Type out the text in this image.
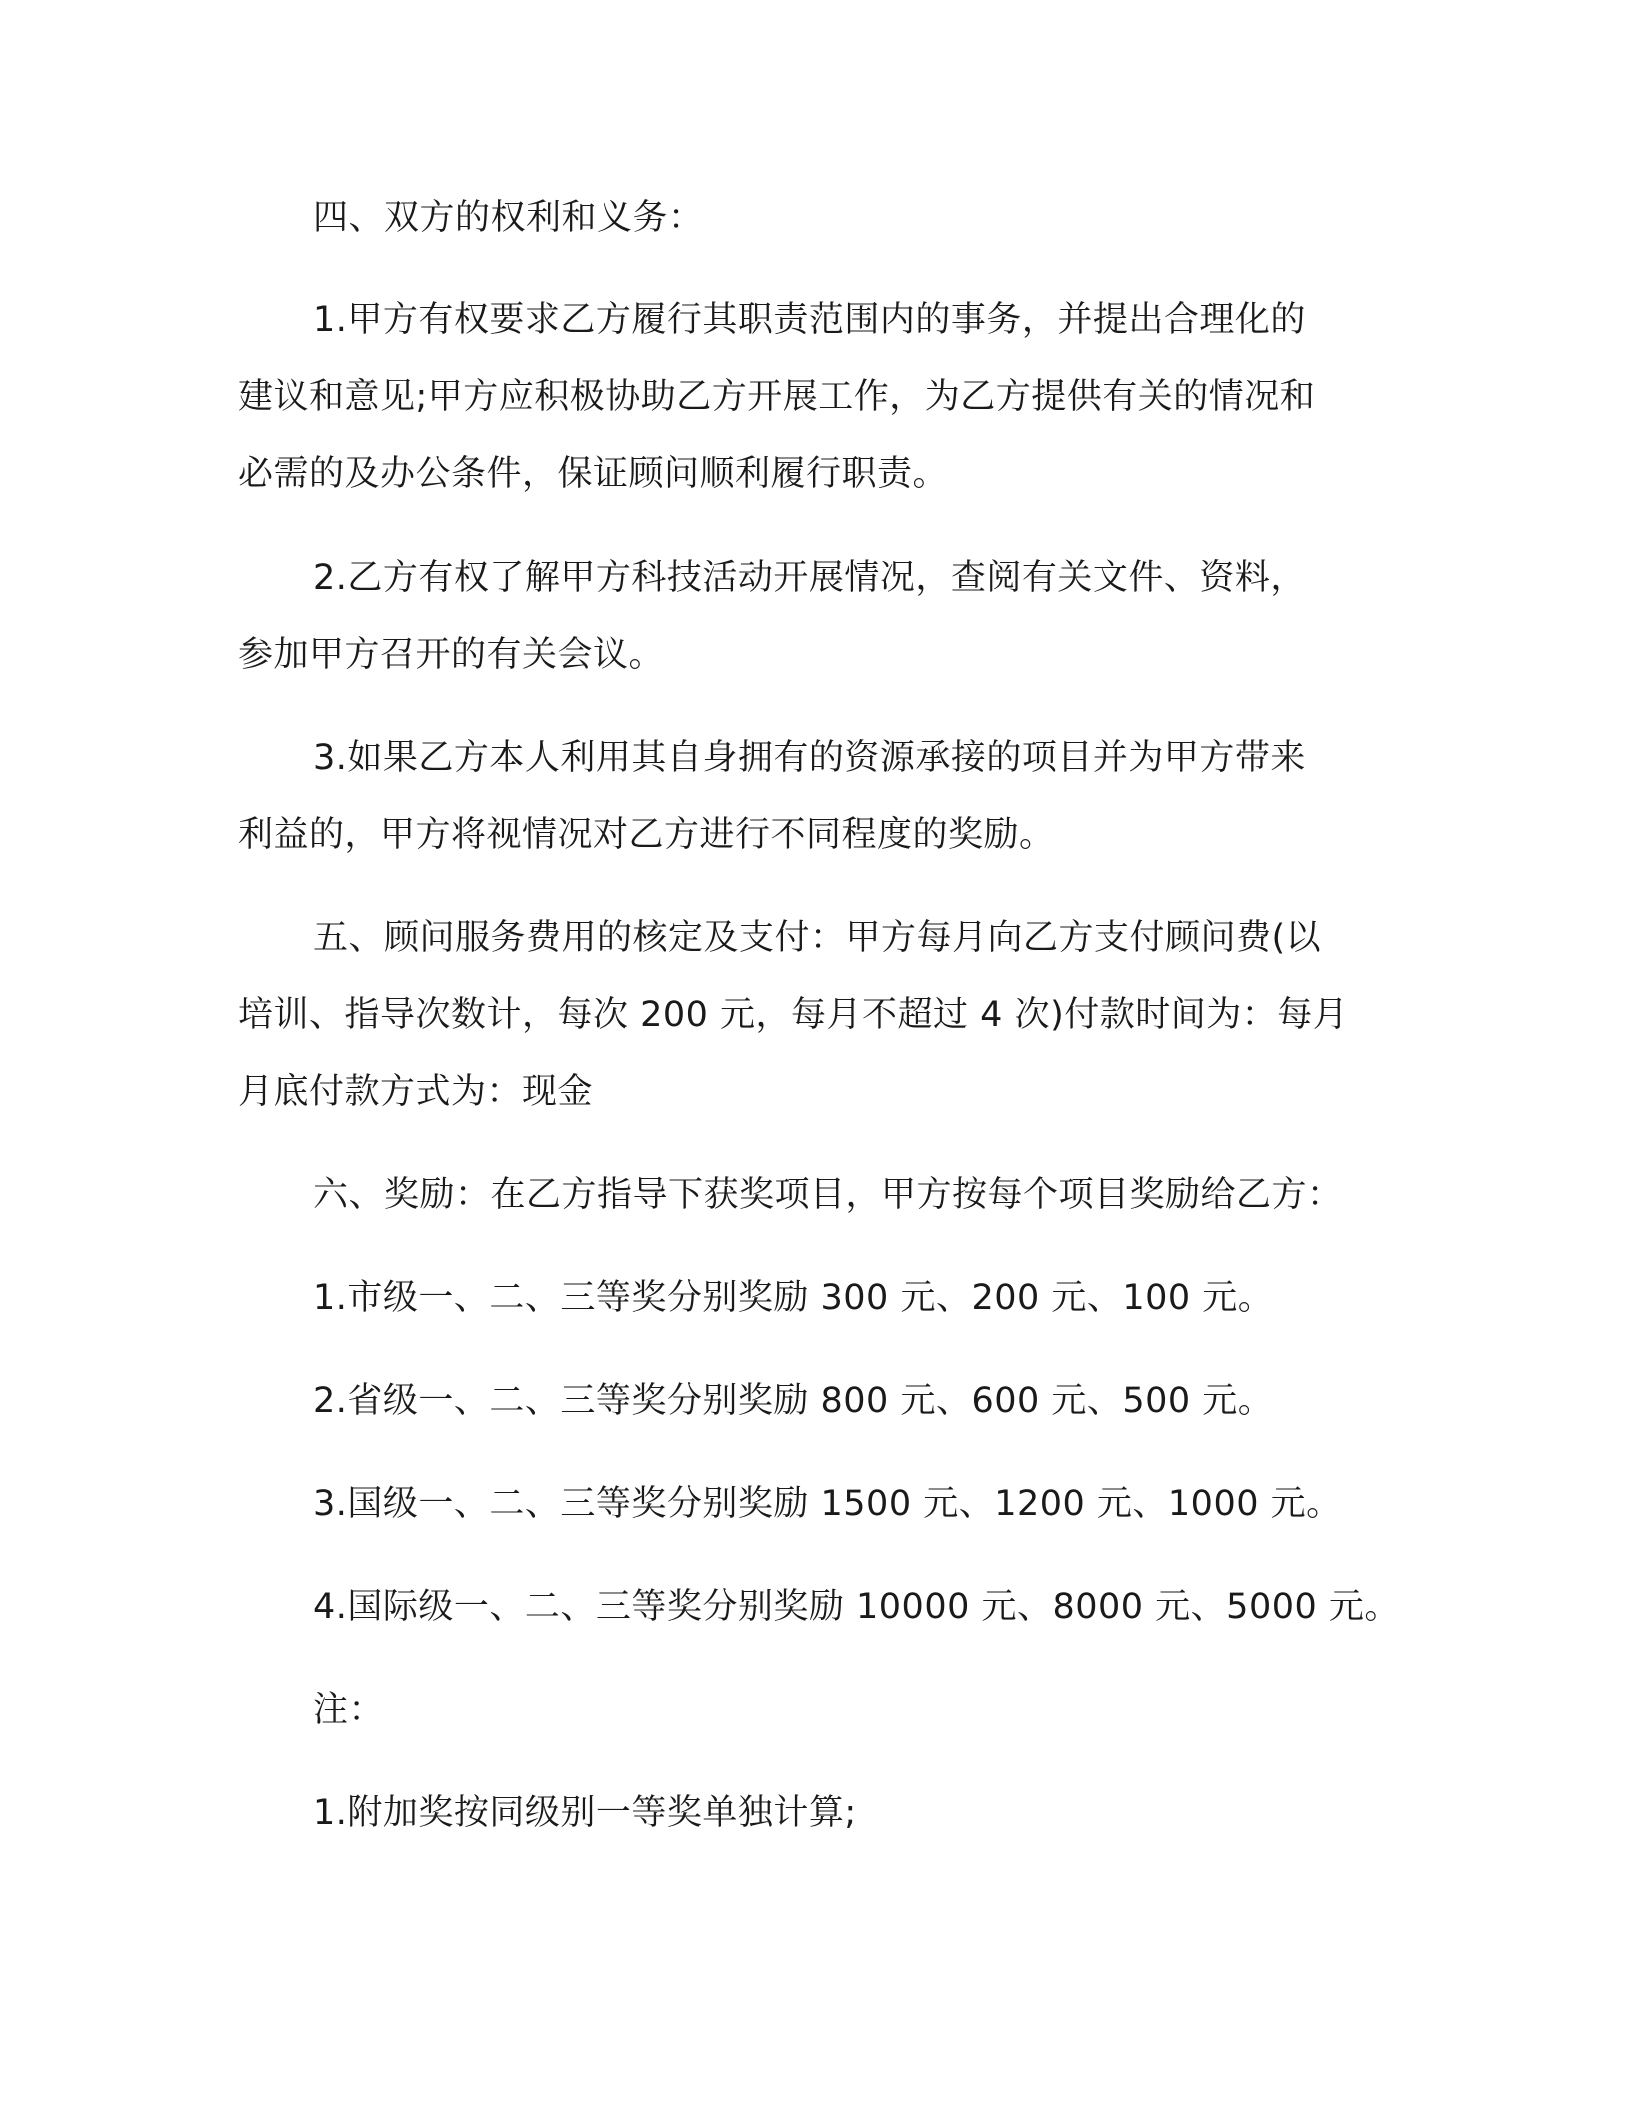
四、双方的权利和义务：
1.甲方有权要求乙方履行其职责范围内的事务，并提出合理化的
建议和意见;甲方应积极协助乙方开展工作，为乙方提供有关的情况和
必需的及办公条件，保证顾问顺利履行职责。
2.乙方有权了解甲方科技活动开展情况，查阅有关文件、资料，
参加甲方召开的有关会议。
3.如果乙方本人利用其自身拥有的资源承接的项目并为甲方带来
利益的，甲方将视情况对乙方进行不同程度的奖励。
五、顾问服务费用的核定及支付：甲方每月向乙方支付顾问费(以
培训、指导次数计，每次 200 元，每月不超过 4 次)付款时间为：每月
月底付款方式为：现金
六、奖励：在乙方指导下获奖项目，甲方按每个项目奖励给乙方：
1.市级一、二、三等奖分别奖励 300 元、200 元、100 元。
2.省级一、二、三等奖分别奖励 800 元、600 元、500 元。
3.国级一、二、三等奖分别奖励 1500 元、1200 元、1000 元。
4.国际级一、二、三等奖分别奖励 10000 元、8000 元、5000 元。
注：
1.附加奖按同级别一等奖单独计算;
